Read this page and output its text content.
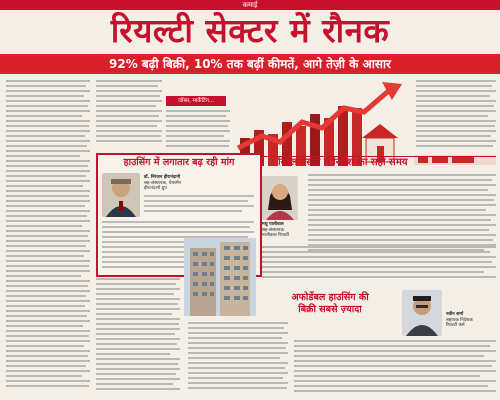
कमाई
रियल्टी सेक्टर में रौनक
92% बढ़ी बिक्री, 10% तक बढ़ीं कीमतें, आगे तेज़ी के आसार
जॉब्स, मार्केटिंग...
हाउसिंग में लगातार बढ़ रही मांग
डॉ. निरंजन हीरानंदानी
सह-संस्थापक, चेयरमैन
हीरानंदानी ग्रुप
रियल एस्टेट में निवेश का सही समय
मधु पालीवाल
सह-संस्थापक
पालीवाल रियल्टी
अफोर्डेबल हाउसिंग की
बिक्री सबसे ज़्यादा	नवीन शर्मा
सहायक निदेशक
रियल्टी फर्म
